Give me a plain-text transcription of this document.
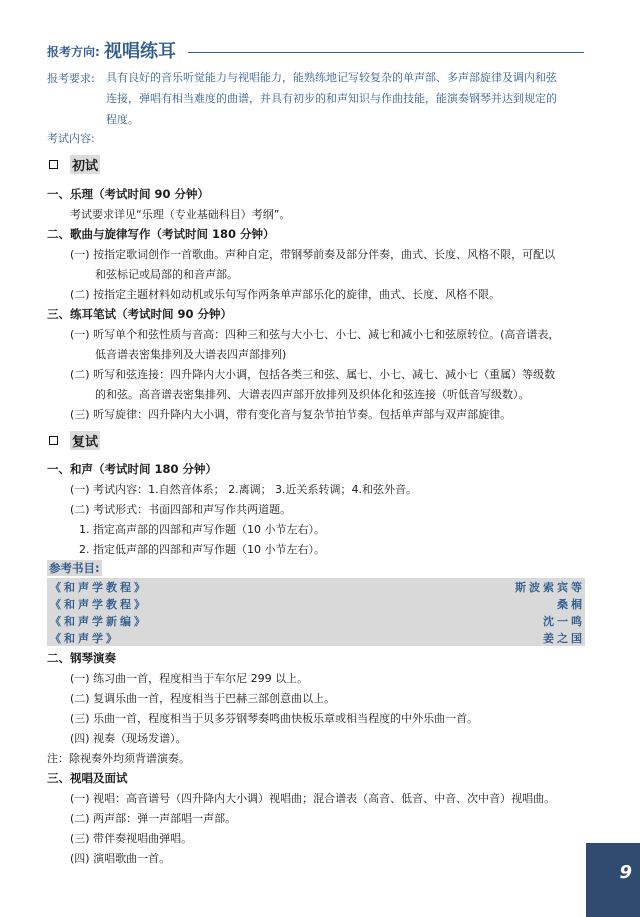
报考方向: 视唱练耳
报考要求: 具有良好的音乐听觉能力与视唱能力，能熟练地记写较复杂的单声部、多声部旋律及调内和弦
连接，弹唱有相当难度的曲谱，并具有初步的和声知识与作曲技能，能演奏钢琴并达到规定的
程度。
考试内容:
初试
一、乐理（考试时间 90 分钟）
考试要求详见“乐理（专业基础科目）考纲”。
二、歌曲与旋律写作（考试时间 180 分钟）
(一) 按指定歌词创作一首歌曲。声种自定，带钢琴前奏及部分伴奏，曲式、长度、风格不限，可配以
和弦标记或局部的和音声部。
(二) 按指定主题材料如动机或乐句写作两条单声部乐化的旋律，曲式、长度、风格不限。
三、练耳笔试（考试时间 90 分钟）
(一) 听写单个和弦性质与音高：四种三和弦与大小七、小七、减七和减小七和弦原转位。(高音谱表，
低音谱表密集排列及大谱表四声部排列)
(二) 听写和弦连接：四升降内大小调，包括各类三和弦、属七、小七、减七、减小七（重属）等级数
的和弦。高音谱表密集排列、大谱表四声部开放排列及织体化和弦连接（听低音写级数）。
(三) 听写旋律：四升降内大小调，带有变化音与复杂节拍节奏。包括单声部与双声部旋律。
复试
一、和声（考试时间 180 分钟）
(一) 考试内容：1.自然音体系； 2.离调； 3.近关系转调；4.和弦外音。
(二) 考试形式：书面四部和声写作共两道题。
1. 指定高声部的四部和声写作题（10 小节左右）。
2. 指定低声部的四部和声写作题（10 小节左右）。
参考书目:
《和声学教程》	斯波索宾等
《和声学教程》	桑桐
《和声学新编》	沈一鸣
《和声学》	姜之国
二、钢琴演奏
(一) 练习曲一首，程度相当于车尔尼 299 以上。
(二) 复调乐曲一首，程度相当于巴赫三部创意曲以上。
(三) 乐曲一首，程度相当于贝多芬钢琴奏鸣曲快板乐章或相当程度的中外乐曲一首。
(四) 视奏（现场发谱）。
注：除视奏外均须背谱演奏。
三、视唱及面试
(一) 视唱：高音谱号（四升降内大小调）视唱曲；混合谱表（高音、低音、中音、次中音）视唱曲。
(二) 两声部：弹一声部唱一声部。
(三) 带伴奏视唱曲弹唱。
(四) 演唱歌曲一首。
9
